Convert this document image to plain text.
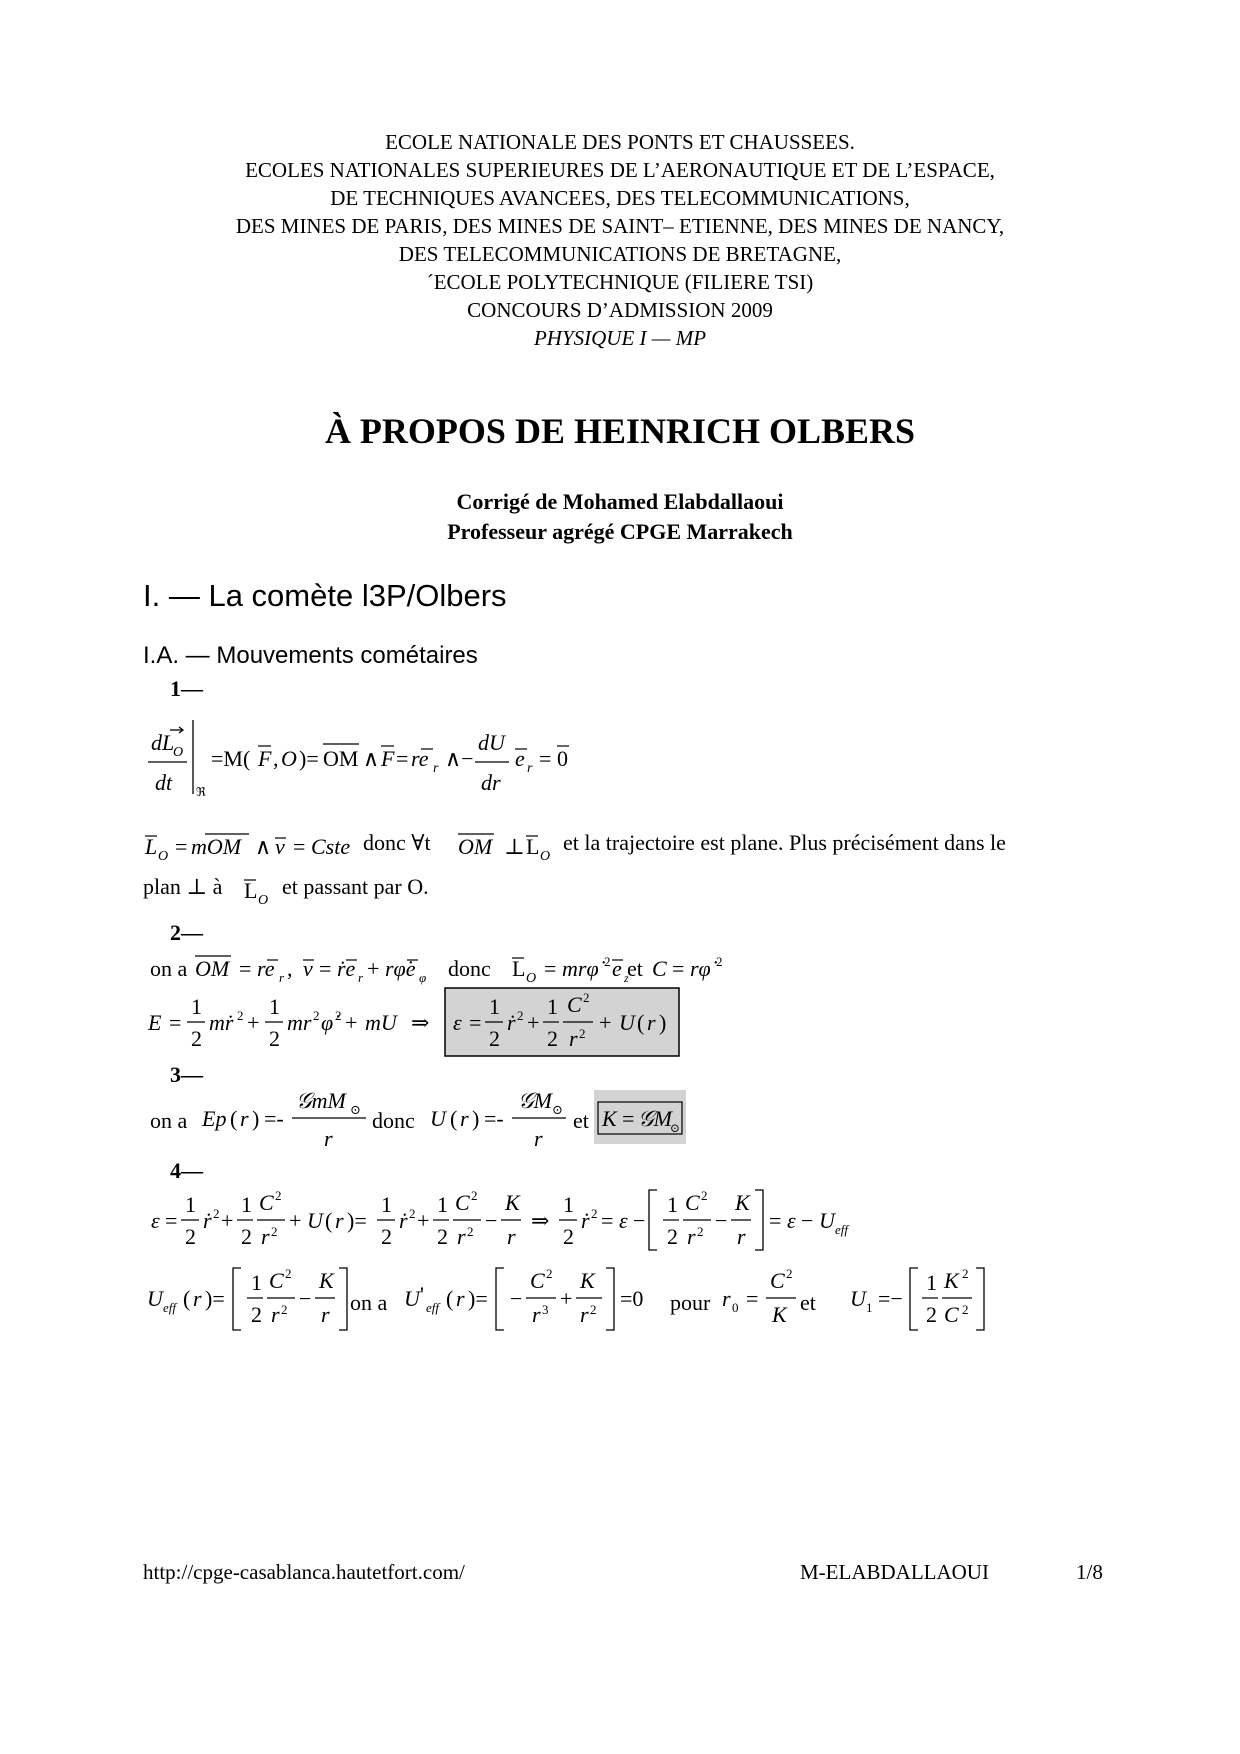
ECOLE NATIONALE DES PONTS ET CHAUSSEES.
ECOLES NATIONALES SUPERIEURES DE L’AERONAUTIQUE ET DE L’ESPACE,
DE TECHNIQUES AVANCEES, DES TELECOMMUNICATIONS,
DES MINES DE PARIS, DES MINES DE SAINT– ETIENNE, DES MINES DE NANCY,
DES TELECOMMUNICATIONS DE BRETAGNE,
´ECOLE POLYTECHNIQUE (FILIERE TSI)
CONCOURS D’ADMISSION 2009
PHYSIQUE I — MP
À PROPOS DE HEINRICH OLBERS
Corrigé de Mohamed Elabdallaoui
Professeur agrégé CPGE Marrakech
I. — La comète l3P/Olbers
I.A. — Mouvements cométaires
1—
dL
O
dt ℜ
=M( F , O )= OM ∧ F = re r ∧−
dU
dr
e r = 0
L O = mOM ∧ v = Cste donc ∀t OM ⊥ L O
et la trajectoire est plane. Plus précisément dans le
plan ⊥ à L O
et passant par O.
2—
on a OM = re r , v = ṙe r + rφ̇e φ donc L O = mrφ̇ 2 e z
et C = rφ̇ 2
E =
1
2
mṙ 2 +
1
2
mr 2 φ̇ 2 + mU ⇒ ε =
1
2
ṙ 2 +
1
2
C 2
r 2 + U ( r )
3—
on a Ep ( r ) =-
𝒢mM ⊙
r
donc U ( r ) =-
𝒢M ⊙
r
et K = 𝒢M
⊙
4—
ε =
1
2
ṙ 2 +
1
2
C 2
r 2 + U ( r )=
1
2
ṙ 2 +
1
2
C 2
r 2 −
K
r
⇒
1
2
ṙ 2 = ε −
1
2
C 2
r 2 −
K
r
= ε − U eff
U eff ( r )=
1
2
C 2
r 2 −
K
r on a U '
eff ( r )= −
C 2
r 3 +
K
r 2 =0 pour r 0 =
C 2
K et U 1 =−
1
2
K 2
C 2
http://cpge-casablanca.hautetfort.com/	M-ELABDALLAOUI	1/8
